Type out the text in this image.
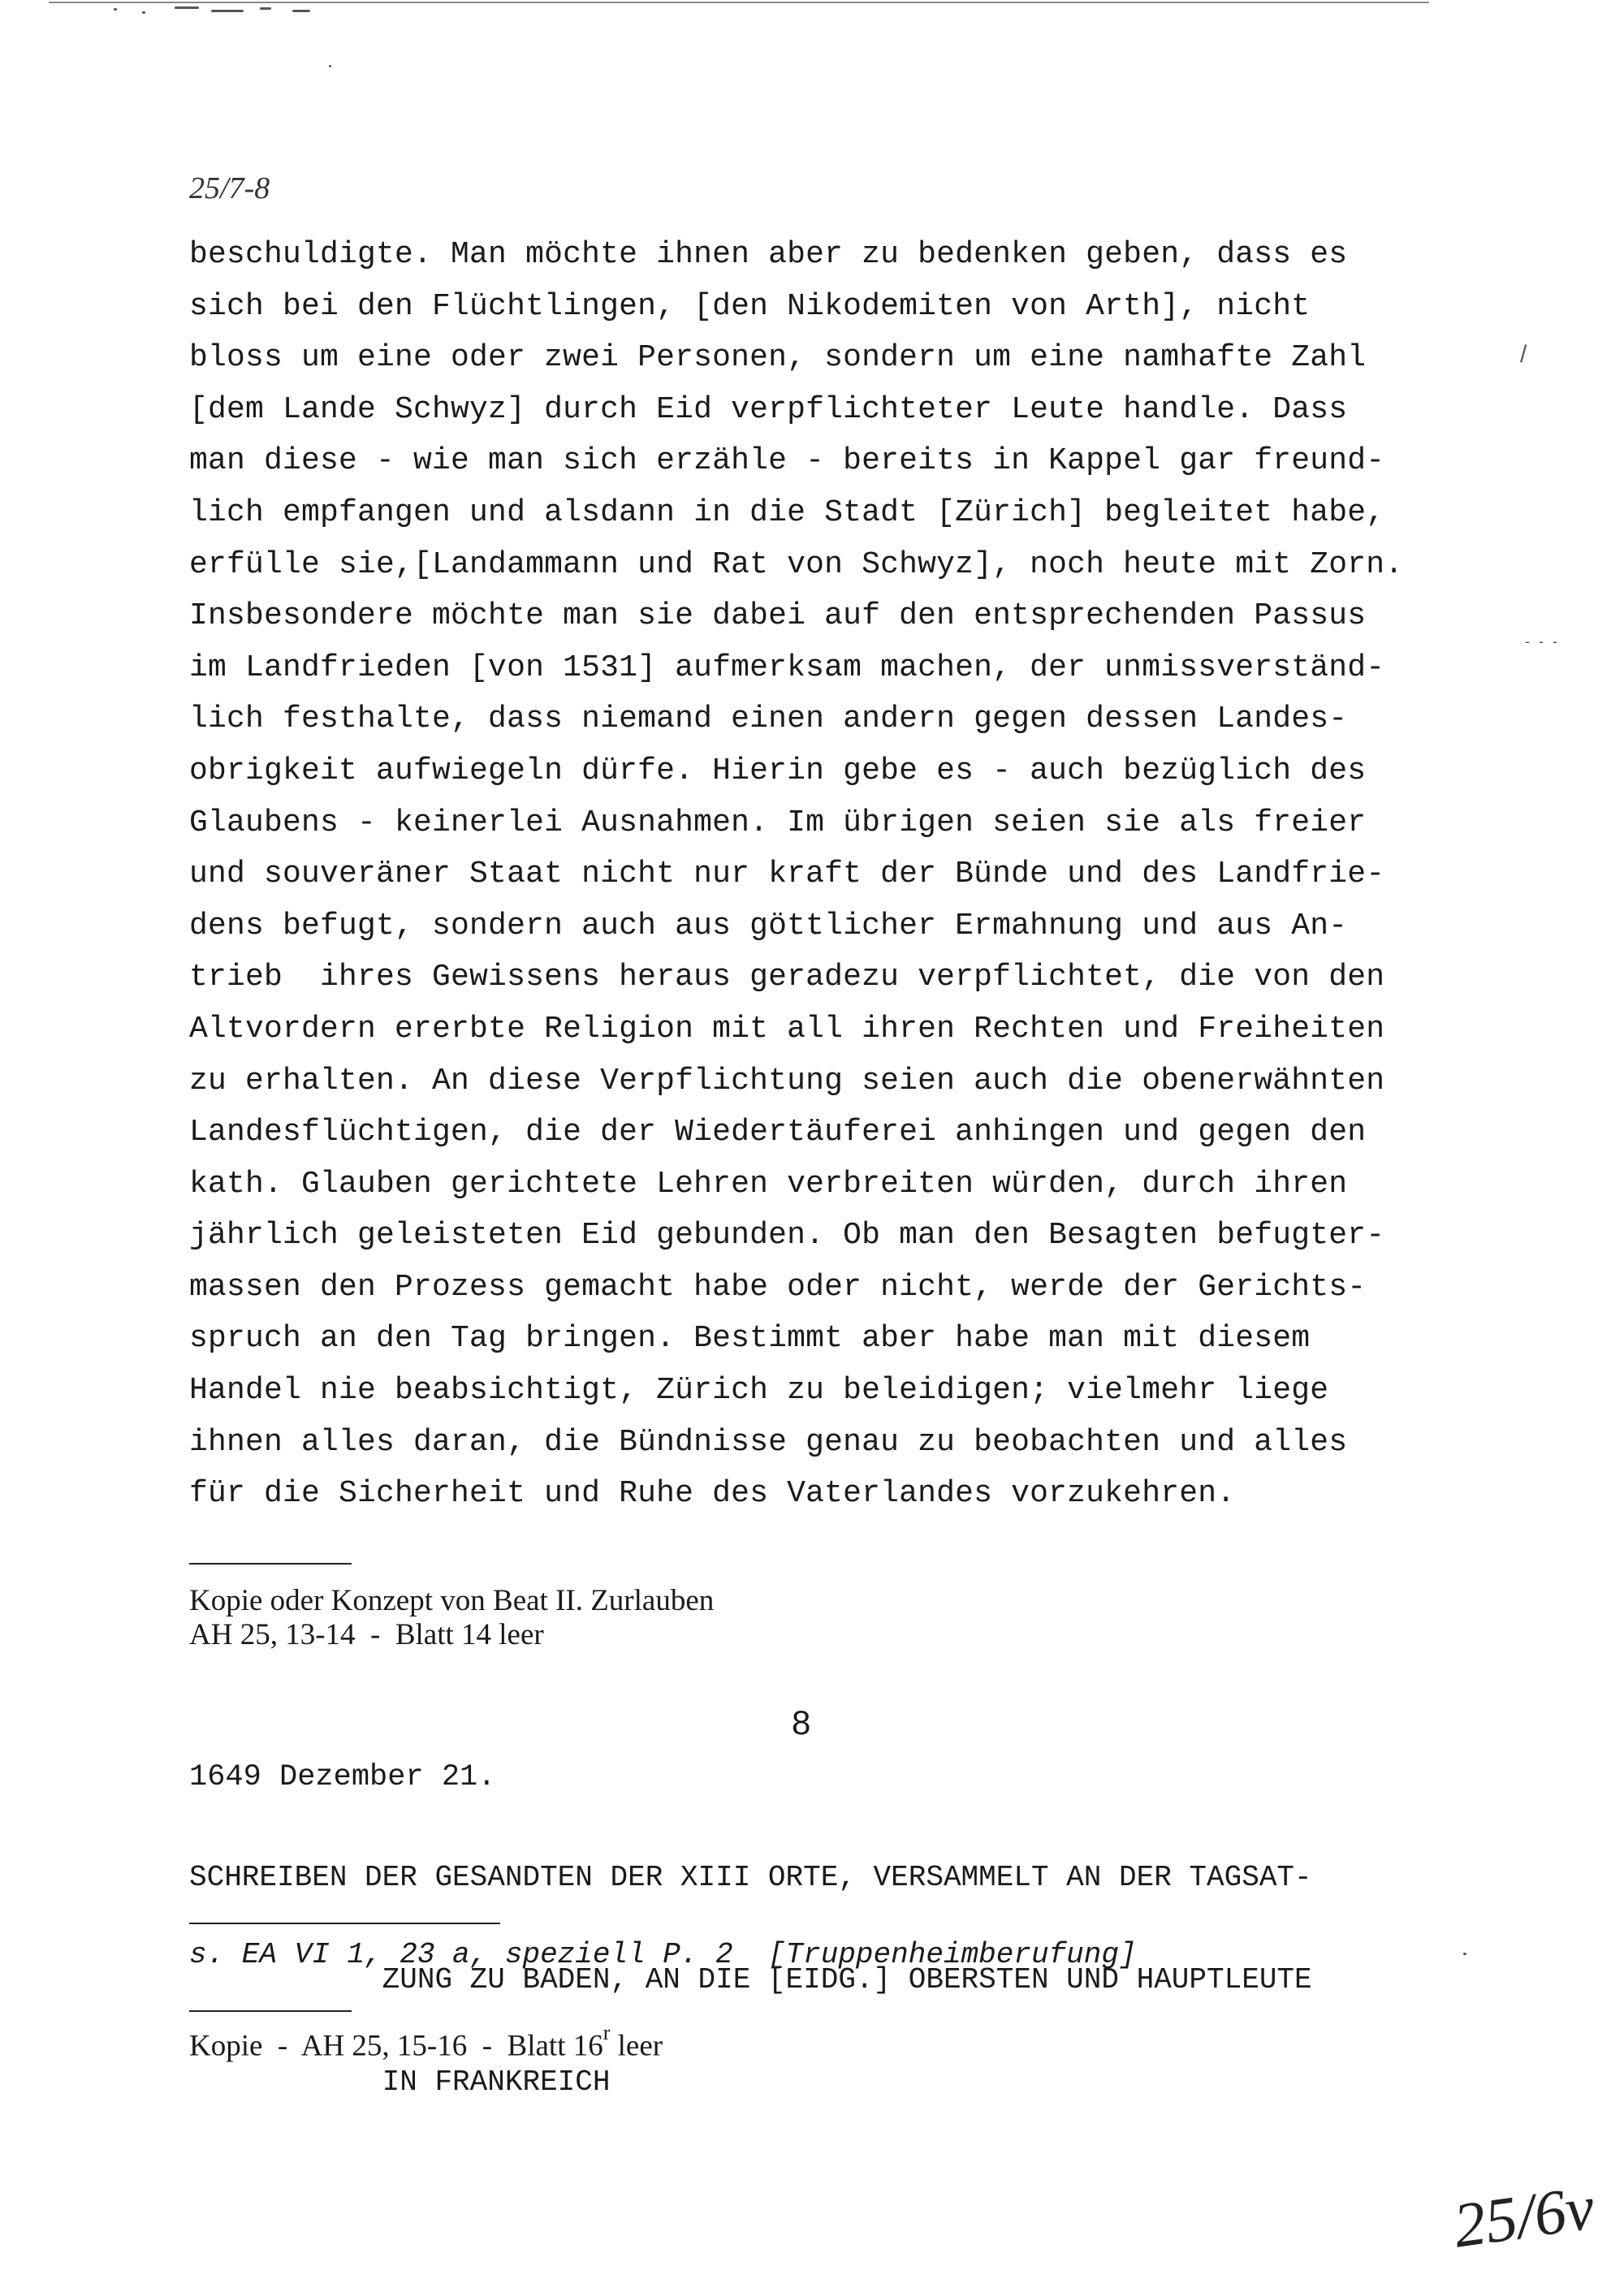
25/7-8
beschuldigte. Man möchte ihnen aber zu bedenken geben, dass es
sich bei den Flüchtlingen, [den Nikodemiten von Arth], nicht
bloss um eine oder zwei Personen, sondern um eine namhafte Zahl
[dem Lande Schwyz] durch Eid verpflichteter Leute handle. Dass
man diese - wie man sich erzähle - bereits in Kappel gar freund-
lich empfangen und alsdann in die Stadt [Zürich] begleitet habe,
erfülle sie,[Landammann und Rat von Schwyz], noch heute mit Zorn.
Insbesondere möchte man sie dabei auf den entsprechenden Passus
im Landfrieden [von 1531] aufmerksam machen, der unmissverständ-
lich festhalte, dass niemand einen andern gegen dessen Landes-
obrigkeit aufwiegeln dürfe. Hierin gebe es - auch bezüglich des
Glaubens - keinerlei Ausnahmen. Im übrigen seien sie als freier
und souveräner Staat nicht nur kraft der Bünde und des Landfrie-
dens befugt, sondern auch aus göttlicher Ermahnung und aus An-
trieb  ihres Gewissens heraus geradezu verpflichtet, die von den
Altvordern ererbte Religion mit all ihren Rechten und Freiheiten
zu erhalten. An diese Verpflichtung seien auch die obenerwähnten
Landesflüchtigen, die der Wiedertäuferei anhingen und gegen den
kath. Glauben gerichtete Lehren verbreiten würden, durch ihren
jährlich geleisteten Eid gebunden. Ob man den Besagten befugter-
massen den Prozess gemacht habe oder nicht, werde der Gerichts-
spruch an den Tag bringen. Bestimmt aber habe man mit diesem
Handel nie beabsichtigt, Zürich zu beleidigen; vielmehr liege
ihnen alles daran, die Bündnisse genau zu beobachten und alles
für die Sicherheit und Ruhe des Vaterlandes vorzukehren.
/
- - -
Kopie oder Konzept von Beat II. Zurlauben
AH 25, 13-14  -  Blatt 14 leer
8
1649 Dezember 21.

SCHREIBEN DER GESANDTEN DER XIII ORTE, VERSAMMELT AN DER TAGSAT-

ZUNG ZU BADEN, AN DIE [EIDG.] OBERSTEN UND HAUPTLEUTE

IN FRANKREICH

s. EA VI 1, 23 a, speziell P. 2  [Truppenheimberufung]
Kopie  -  AH 25, 15-16  -  Blatt 16$^r$ leer
25/6v
